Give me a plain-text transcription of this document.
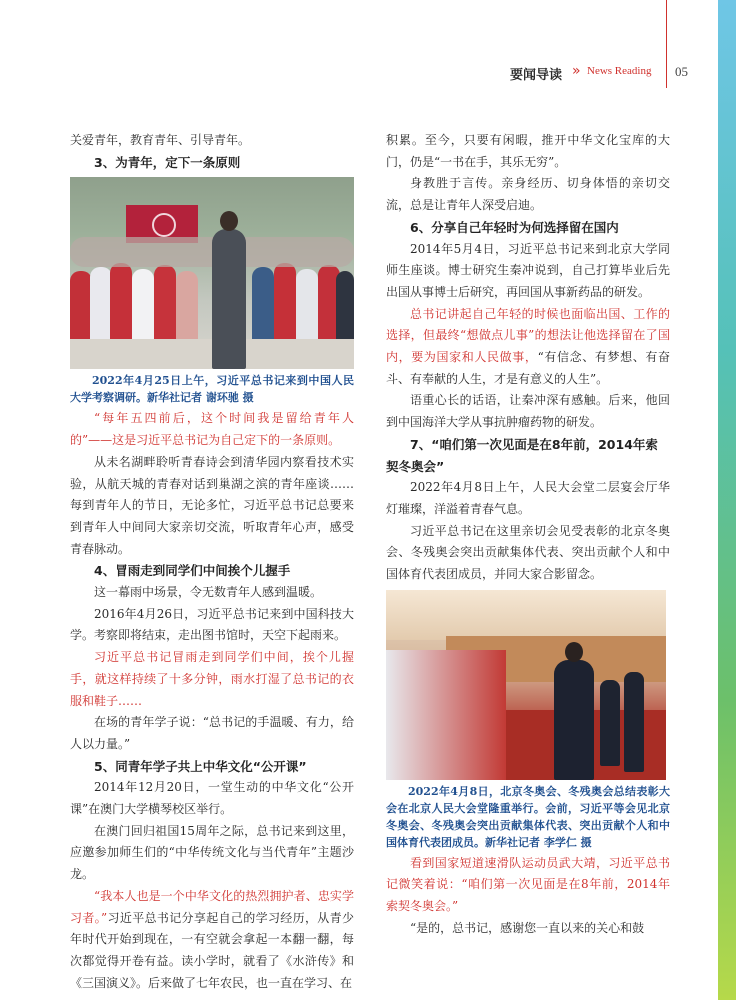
要闻导读 » News Reading 05

关爱青年，教育青年、引导青年。

3、为青年，定下一条原则
2022年4月25日上午，习近平总书记来到中国人民大学考察调研。新华社记者 谢环驰 摄

“每年五四前后，这个时间我是留给青年人的”——这是习近平总书记为自己定下的一条原则。

从未名湖畔聆听青春诗会到清华园内察看技术实验，从航天城的青春对话到巢湖之滨的青年座谈……每到青年人的节日，无论多忙，习近平总书记总要来到青年人中间同大家亲切交流，听取青年心声，感受青春脉动。

4、冒雨走到同学们中间挨个儿握手

这一幕雨中场景，令无数青年人感到温暖。

2016年4月26日，习近平总书记来到中国科技大学。考察即将结束，走出图书馆时，天空下起雨来。

习近平总书记冒雨走到同学们中间，挨个儿握手，就这样持续了十多分钟，雨水打湿了总书记的衣服和鞋子……

在场的青年学子说：“总书记的手温暖、有力，给人以力量。”

5、同青年学子共上中华文化“公开课”

2014年12月20日，一堂生动的中华文化“公开课”在澳门大学横琴校区举行。

在澳门回归祖国15周年之际，总书记来到这里，应邀参加师生们的“中华传统文化与当代青年”主题沙龙。

“我本人也是一个中华文化的热烈拥护者、忠实学习者。”习近平总书记分享起自己的学习经历，从青少年时代开始到现在，一有空就会拿起一本翻一翻，每次都觉得开卷有益。读小学时，就看了《水浒传》和《三国演义》。后来做了七年农民，也一直在学习、在

积累。至今，只要有闲暇，推开中华文化宝库的大门，仍是“一书在手，其乐无穷”。

身教胜于言传。亲身经历、切身体悟的亲切交流，总是让青年人深受启迪。

6、分享自己年轻时为何选择留在国内

2014年5月4日，习近平总书记来到北京大学同师生座谈。博士研究生秦冲说到，自己打算毕业后先出国从事博士后研究，再回国从事新药品的研发。

总书记讲起自己年轻的时候也面临出国、工作的选择，但最终“想做点儿事”的想法让他选择留在了国内，要为国家和人民做事，“有信念、有梦想、有奋斗、有奉献的人生，才是有意义的人生”。

语重心长的话语，让秦冲深有感触。后来，他回到中国海洋大学从事抗肿瘤药物的研发。

7、“咱们第一次见面是在8年前，2014年索契冬奥会”

2022年4月8日上午，人民大会堂二层宴会厅华灯璀璨，洋溢着青春气息。

习近平总书记在这里亲切会见受表彰的北京冬奥会、冬残奥会突出贡献集体代表、突出贡献个人和中国体育代表团成员，并同大家合影留念。

2022年4月8日，北京冬奥会、冬残奥会总结表彰大会在北京人民大会堂隆重举行。会前，习近平等会见北京冬奥会、冬残奥会突出贡献集体代表、突出贡献个人和中国体育代表团成员。新华社记者 李学仁 摄

看到国家短道速滑队运动员武大靖，习近平总书记微笑着说：“咱们第一次见面是在8年前，2014年索契冬奥会。”

“是的，总书记，感谢您一直以来的关心和鼓
